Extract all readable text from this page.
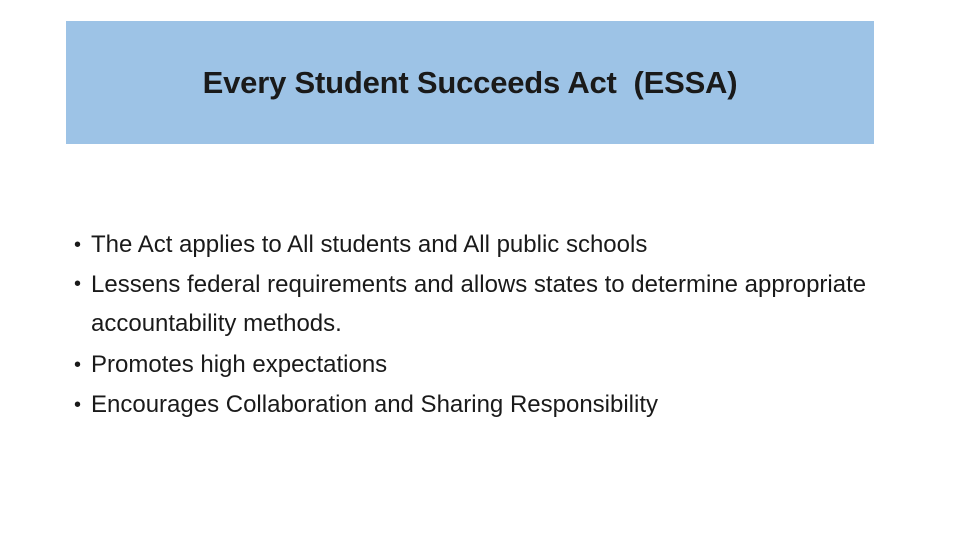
Every Student Succeeds Act  (ESSA)
• The Act applies to All students and All public schools
• Lessens federal requirements and allows states to determine appropriate accountability methods.
• Promotes high expectations
• Encourages Collaboration and Sharing Responsibility
